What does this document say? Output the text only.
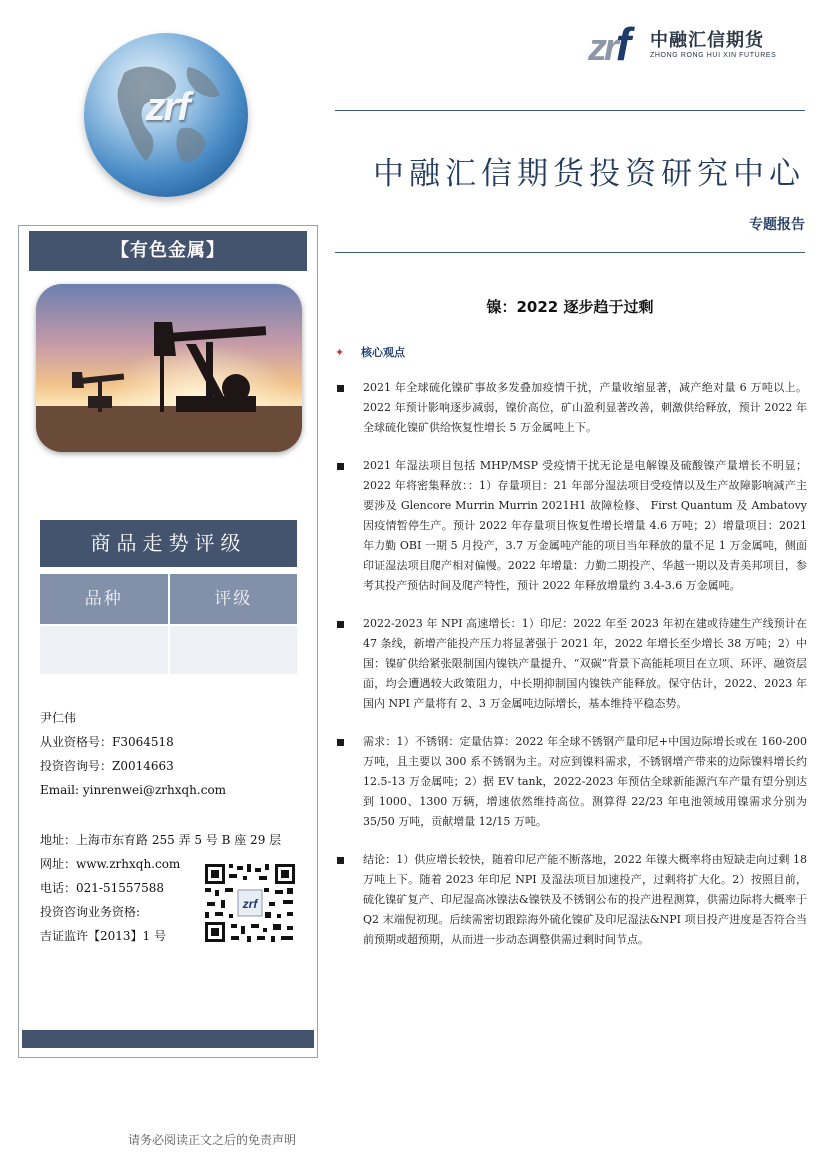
zrf
zrf 中融汇信期货
ZHONG RONG HUI XIN FUTURES
中融汇信期货投资研究中心
专题报告
【有色金属】
商品走势评级
品种	评级
尹仁伟
从业资格号：F3064518
投资咨询号：Z0014663
Email: yinrenwei@zrhxqh.com
地址：上海市东育路 255 弄 5 号 B 座 29 层
网址：www.zrhxqh.com
电话：021-51557588
投资咨询业务资格:
吉证监许【2013】1 号
zrf
镍：2022 逐步趋于过剩
✦ 核心观点
2021 年全球硫化镍矿事故多发叠加疫情干扰，产量收缩显著，减产绝对量 6 万吨以上。2022 年预计影响逐步减弱，镍价高位，矿山盈利显著改善，刺激供给释放，预计 2022 年全球硫化镍矿供给恢复性增长 5 万金属吨上下。
2021 年湿法项目包括 MHP/MSP 受疫情干扰无论是电解镍及硫酸镍产量增长不明显；2022 年将密集释放：：1）存量项目：21 年部分湿法项目受疫情以及生产故障影响减产主要涉及 Glencore Murrin Murrin 2021H1 故障检修、 First Quantum 及 Ambatovy 因疫情暂停生产。预计 2022 年存量项目恢复性增长增量 4.6 万吨；2）增量项目：2021 年力勤 OBI 一期 5 月投产，3.7 万金属吨产能的项目当年释放的量不足 1 万金属吨，侧面印证湿法项目爬产相对偏慢。2022 年增量：力勤二期投产、华越一期以及青美邦项目，参考其投产预估时间及爬产特性，预计 2022 年释放增量约 3.4-3.6 万金属吨。
2022-2023 年 NPI 高速增长：1）印尼：2022 年至 2023 年初在建或待建生产线预计在 47 条线，新增产能投产压力将显著强于 2021 年，2022 年增长至少增长 38 万吨；2）中国：镍矿供给紧张限制国内镍铁产量提升、“双碳”背景下高能耗项目在立项、环评、融资层面，均会遭遇较大政策阻力，中长期抑制国内镍铁产能释放。保守估计，2022、2023 年国内 NPI 产量将有 2、3 万金属吨边际增长，基本维持平稳态势。
需求：1）不锈钢：定量估算：2022 年全球不锈钢产量印尼+中国边际增长或在 160-200 万吨，且主要以 300 系不锈钢为主。对应到镍料需求，不锈钢增产带来的边际镍料增长约 12.5-13 万金属吨；2）据 EV tank，2022-2023 年预估全球新能源汽车产量有望分别达到 1000、1300 万辆，增速依然维持高位。测算得 22/23 年电池领域用镍需求分别为 35/50 万吨，贡献增量 12/15 万吨。
结论：1）供应增长较快，随着印尼产能不断落地，2022 年镍大概率将由短缺走向过剩 18 万吨上下。随着 2023 年印尼 NPI 及湿法项目加速投产，过剩将扩大化。2）按照目前，硫化镍矿复产、印尼湿高冰镍法&镍铁及不锈钢公布的投产进程测算，供需边际将大概率于 Q2 末端倪初现。后续需密切跟踪海外硫化镍矿及印尼湿法&NPI 项目投产进度是否符合当前预期或超预期，从而进一步动态调整供需过剩时间节点。
请务必阅读正文之后的免责声明
